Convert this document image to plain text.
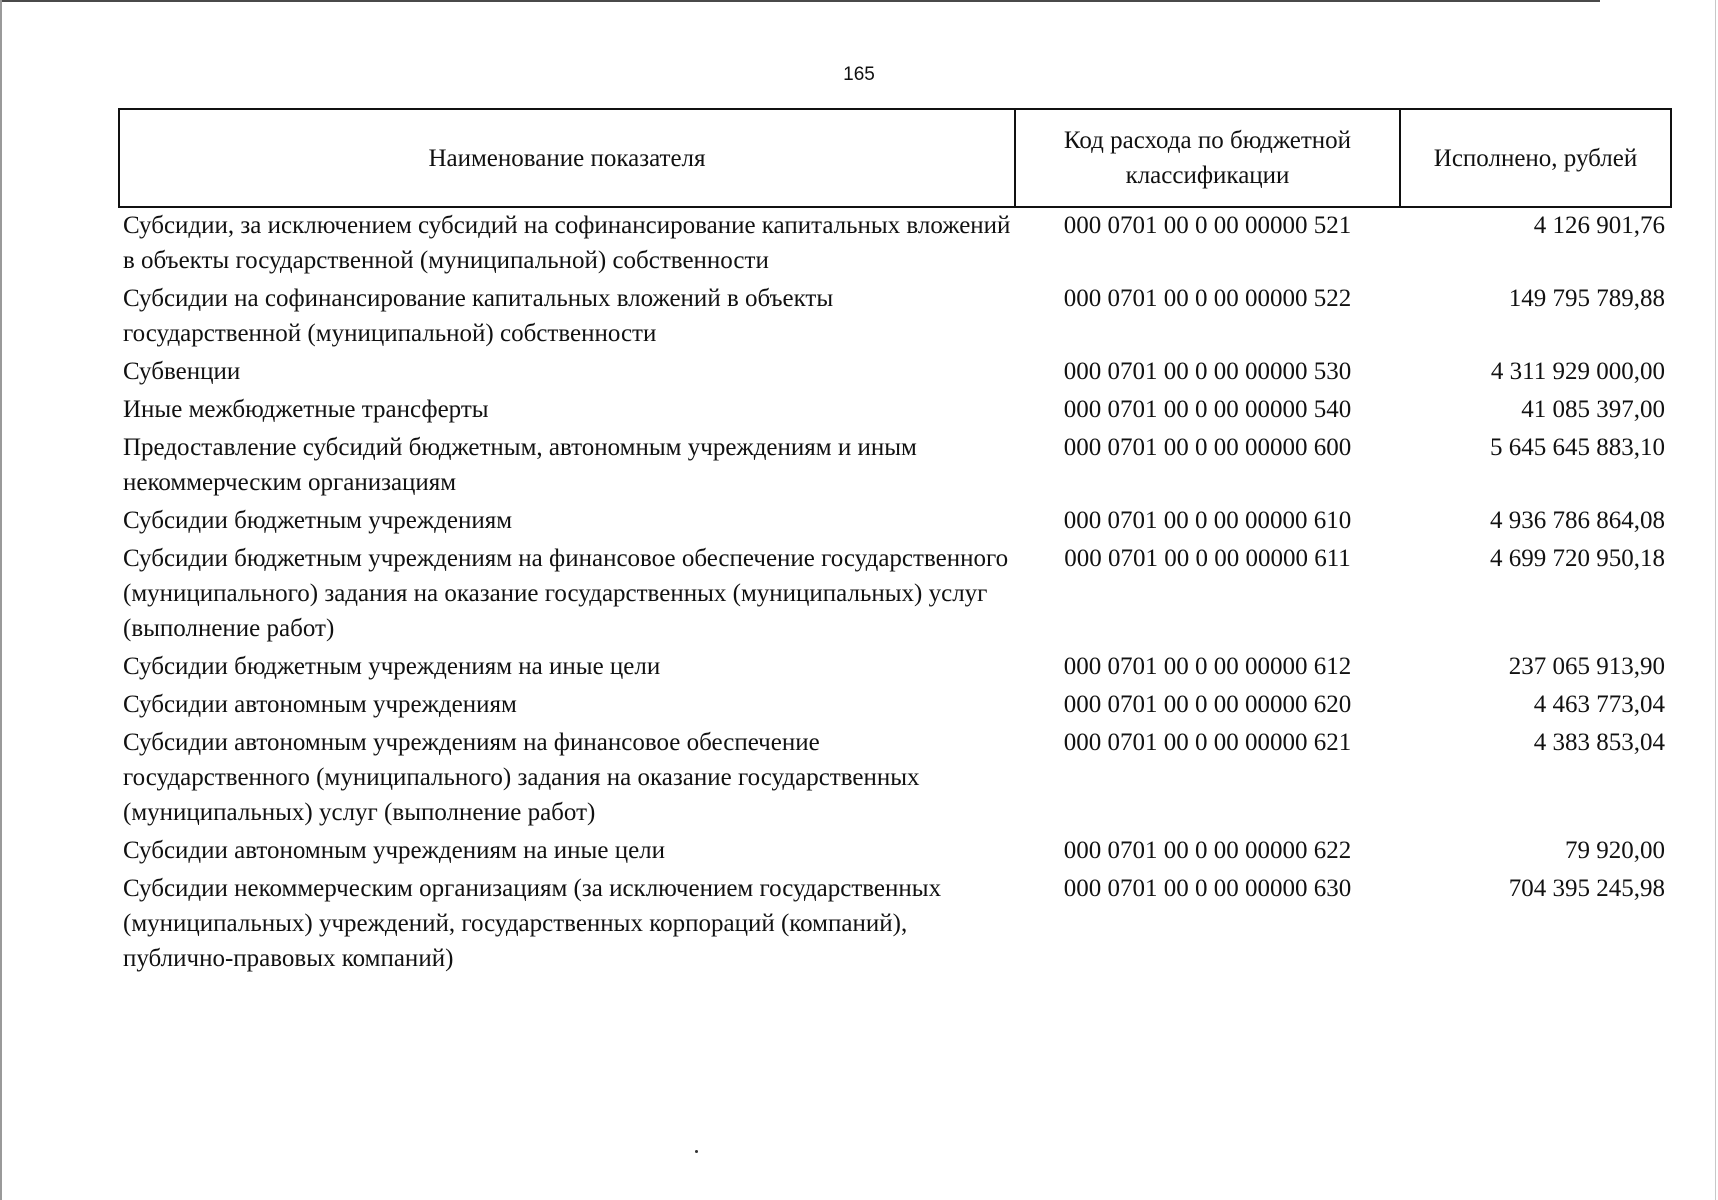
165
Наименование показателя	Код расхода по бюджетной классификации	Исполнено, рублей
Субсидии, за исключением субсидий на софинансирование капитальных вложений в объекты государственной (муниципальной) собственности	000 0701 00 0 00 00000 521	4 126 901,76
Субсидии на софинансирование капитальных вложений в объекты государственной (муниципальной) собственности	000 0701 00 0 00 00000 522	149 795 789,88
Субвенции	000 0701 00 0 00 00000 530	4 311 929 000,00
Иные межбюджетные трансферты	000 0701 00 0 00 00000 540	41 085 397,00
Предоставление субсидий бюджетным, автономным учреждениям и иным некоммерческим организациям	000 0701 00 0 00 00000 600	5 645 645 883,10
Субсидии бюджетным учреждениям	000 0701 00 0 00 00000 610	4 936 786 864,08
Субсидии бюджетным учреждениям на финансовое обеспечение государственного (муниципального) задания на оказание государственных (муниципальных) услуг (выполнение работ)	000 0701 00 0 00 00000 611	4 699 720 950,18
Субсидии бюджетным учреждениям на иные цели	000 0701 00 0 00 00000 612	237 065 913,90
Субсидии автономным учреждениям	000 0701 00 0 00 00000 620	4 463 773,04
Субсидии автономным учреждениям на финансовое обеспечение государственного (муниципального) задания на оказание государственных (муниципальных) услуг (выполнение работ)	000 0701 00 0 00 00000 621	4 383 853,04
Субсидии автономным учреждениям на иные цели	000 0701 00 0 00 00000 622	79 920,00
Субсидии некоммерческим организациям (за исключением государственных (муниципальных) учреждений, государственных корпораций (компаний), публично-правовых компаний)	000 0701 00 0 00 00000 630	704 395 245,98
